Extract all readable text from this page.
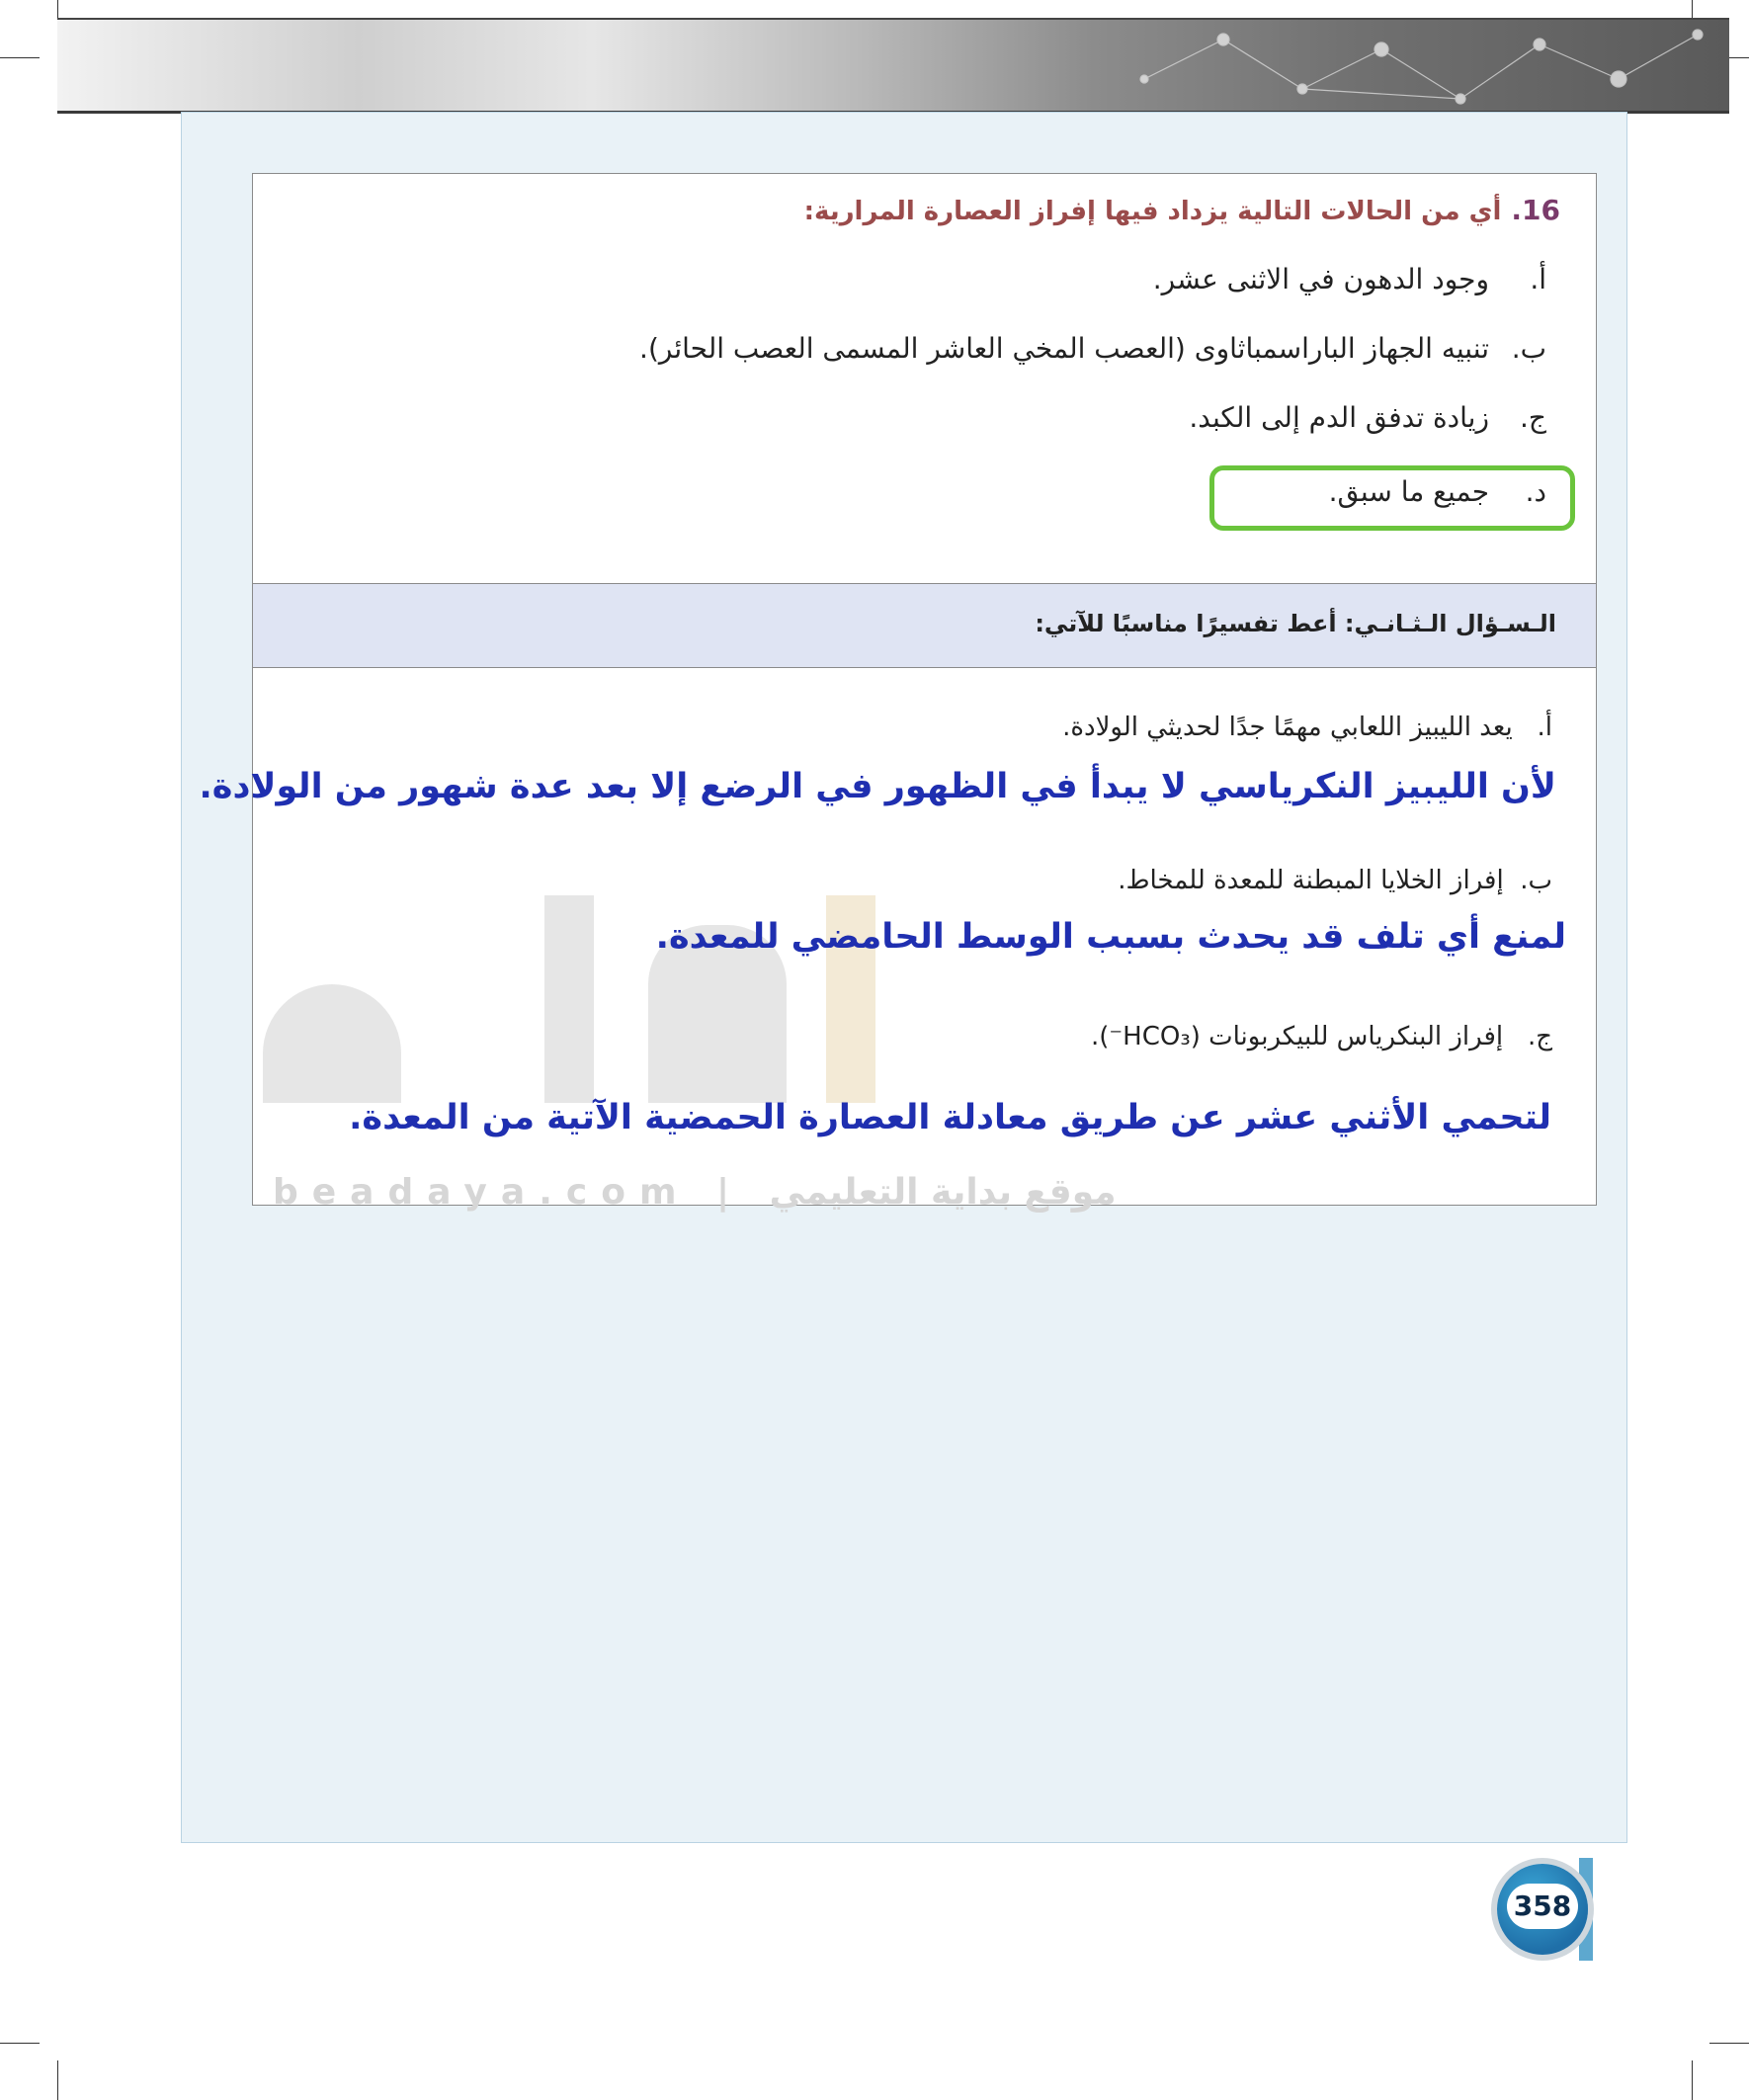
16.أي من الحالات التالية يزداد فيها إفراز العصارة المرارية:
أ.وجود الدهون في الاثنى عشر.
ب.تنبيه الجهاز الباراسمباثاوى (العصب المخي العاشر المسمى العصب الحائر).
ج.زيادة تدفق الدم إلى الكبد.
د.جميع ما سبق.
الـسـؤال الـثـانـي: أعط تفسيرًا مناسبًا للآتي:
beadaya.com | موقع بداية التعليمي
أ.   يعد الليبيز اللعابي مهمًا جدًا لحديثي الولادة.
لأن الليبيز النكرياسي لا يبدأ في الظهور في الرضع إلا بعد عدة شهور من الولادة.
ب.  إفراز الخلايا المبطنة للمعدة للمخاط.
لمنع أي تلف قد يحدث بسبب الوسط الحامضي للمعدة.
ج.   إفراز البنكرياس للبيكربونات (HCO₃⁻).
لتحمي الأثني عشر عن طريق معادلة العصارة الحمضية الآتية من المعدة.
358
